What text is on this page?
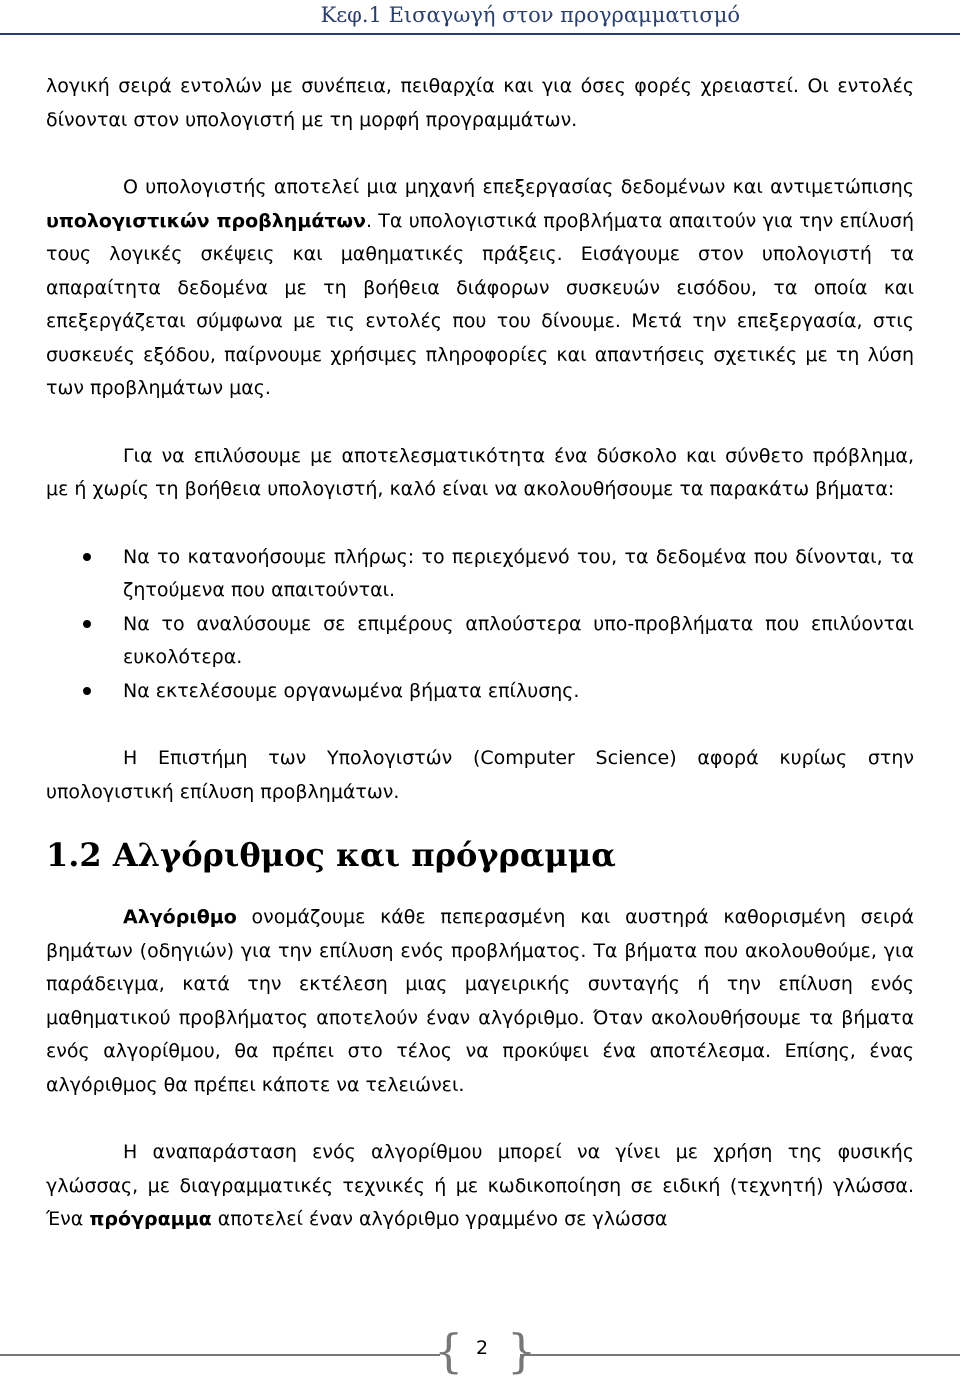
Κεφ.1 Εισαγωγή στον προγραμματισμό

λογική σειρά εντολών με συνέπεια, πειθαρχία και για όσες φορές χρειαστεί. Οι εντολές δίνονται στον υπολογιστή με τη μορφή προγραμμάτων.

Ο υπολογιστής αποτελεί μια μηχανή επεξεργασίας δεδομένων και αντιμετώπισης υπολογιστικών προβλημάτων. Τα υπολογιστικά προβλήματα απαιτούν για την επίλυσή τους λογικές σκέψεις και μαθηματικές πράξεις. Εισάγουμε στον υπολογιστή τα απαραίτητα δεδομένα με τη βοήθεια διάφορων συσκευών εισόδου, τα οποία και επεξεργάζεται σύμφωνα με τις εντολές που του δίνουμε. Μετά την επεξεργασία, στις συσκευές εξόδου, παίρνουμε χρήσιμες πληροφορίες και απαντήσεις σχετικές με τη λύση των προβλημάτων μας.

Για να επιλύσουμε με αποτελεσματικότητα ένα δύσκολο και σύνθετο πρόβλημα, με ή χωρίς τη βοήθεια υπολογιστή, καλό είναι να ακολουθήσουμε τα παρακάτω βήματα:

Να το κατανοήσουμε πλήρως: το περιεχόμενό του, τα δεδομένα που δίνονται, τα ζητούμενα που απαιτούνται.
Να το αναλύσουμε σε επιμέρους απλούστερα υπο-προβλήματα που επιλύονται ευκολότερα.
Να εκτελέσουμε οργανωμένα βήματα επίλυσης.

Η Επιστήμη των Υπολογιστών (Computer Science) αφορά κυρίως στην υπολογιστική επίλυση προβλημάτων.

1.2 Αλγόριθμος και πρόγραμμα

Αλγόριθμο ονομάζουμε κάθε πεπερασμένη και αυστηρά καθορισμένη σειρά βημάτων (οδηγιών) για την επίλυση ενός προβλήματος. Τα βήματα που ακολουθούμε, για παράδειγμα, κατά την εκτέλεση μιας μαγειρικής συνταγής ή την επίλυση ενός μαθηματικού προβλήματος αποτελούν έναν αλγόριθμο. Όταν ακολουθήσουμε τα βήματα ενός αλγορίθμου, θα πρέπει στο τέλος να προκύψει ένα αποτέλεσμα. Επίσης, ένας αλγόριθμος θα πρέπει κάποτε να τελειώνει.

Η αναπαράσταση ενός αλγορίθμου μπορεί να γίνει με χρήση της φυσικής γλώσσας, με διαγραμματικές τεχνικές ή με κωδικοποίηση σε ειδική (τεχνητή) γλώσσα. Ένα πρόγραμμα αποτελεί έναν αλγόριθμο γραμμένο σε γλώσσα

{ 2 }
